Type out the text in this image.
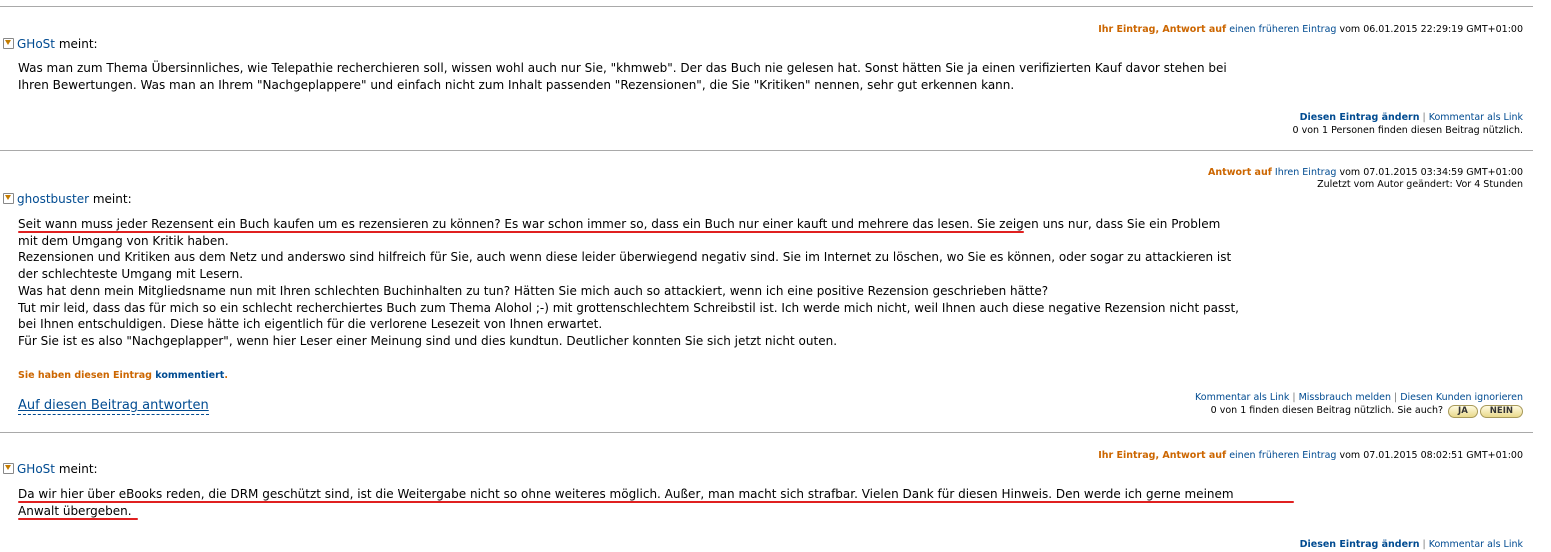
Ihr Eintrag, Antwort auf einen früheren Eintrag vom 06.01.2015 22:29:19 GMT+01:00
GHoSt meint:

Was man zum Thema Übersinnliches, wie Telepathie recherchieren soll, wissen wohl auch nur Sie, "khmweb". Der das Buch nie gelesen hat. Sonst hätten Sie ja einen verifizierten Kauf davor stehen bei

Ihren Bewertungen. Was man an Ihrem "Nachgeplappere" und einfach nicht zum Inhalt passenden "Rezensionen", die Sie "Kritiken" nennen, sehr gut erkennen kann.

Diesen Eintrag ändern | Kommentar als Link
0 von 1 Personen finden diesen Beitrag nützlich.
Antwort auf Ihren Eintrag vom 07.01.2015 03:34:59 GMT+01:00
Zuletzt vom Autor geändert: Vor 4 Stunden
ghostbuster meint:

Seit wann muss jeder Rezensent ein Buch kaufen um es rezensieren zu können? Es war schon immer so, dass ein Buch nur einer kauft und mehrere das lesen. Sie zeigen uns nur, dass Sie ein Problem

mit dem Umgang von Kritik haben.

Rezensionen und Kritiken aus dem Netz und anderswo sind hilfreich für Sie, auch wenn diese leider überwiegend negativ sind. Sie im Internet zu löschen, wo Sie es können, oder sogar zu attackieren ist

der schlechteste Umgang mit Lesern.

Was hat denn mein Mitgliedsname nun mit Ihren schlechten Buchinhalten zu tun? Hätten Sie mich auch so attackiert, wenn ich eine positive Rezension geschrieben hätte?

Tut mir leid, dass das für mich so ein schlecht recherchiertes Buch zum Thema Alohol ;-) mit grottenschlechtem Schreibstil ist. Ich werde mich nicht, weil Ihnen auch diese negative Rezension nicht passt,

bei Ihnen entschuldigen. Diese hätte ich eigentlich für die verlorene Lesezeit von Ihnen erwartet.

Für Sie ist es also "Nachgeplapper", wenn hier Leser einer Meinung sind und dies kundtun. Deutlicher konnten Sie sich jetzt nicht outen.

Sie haben diesen Eintrag kommentiert.
Auf diesen Beitrag antworten
Kommentar als Link | Missbrauch melden | Diesen Kunden ignorieren
0 von 1 finden diesen Beitrag nützlich. Sie auch? JA	NEIN
Ihr Eintrag, Antwort auf einen früheren Eintrag vom 07.01.2015 08:02:51 GMT+01:00
GHoSt meint:

Da wir hier über eBooks reden, die DRM geschützt sind, ist die Weitergabe nicht so ohne weiteres möglich. Außer, man macht sich strafbar. Vielen Dank für diesen Hinweis. Den werde ich gerne meinem

Anwalt übergeben.

Diesen Eintrag ändern | Kommentar als Link
